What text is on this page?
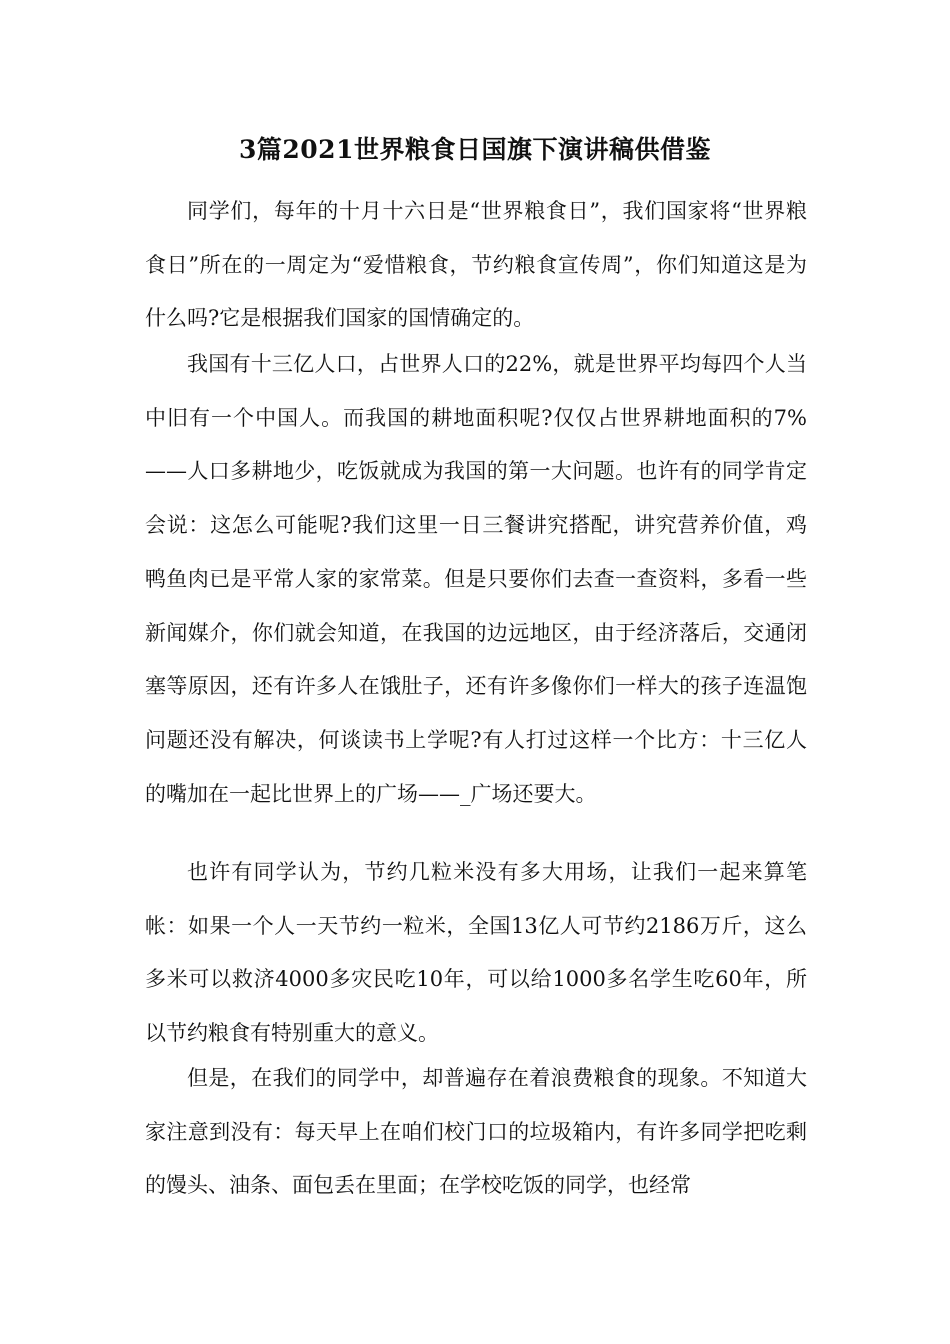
3篇2021世界粮食日国旗下演讲稿供借鉴

同学们，每年的十月十六日是“世界粮食日”，我们国家将“世界粮食日”所在的一周定为“爱惜粮食，节约粮食宣传周”，你们知道这是为什么吗?它是根据我们国家的国情确定的。

我国有十三亿人口，占世界人口的22%，就是世界平均每四个人当中旧有一个中国人。而我国的耕地面积呢?仅仅占世界耕地面积的7%——人口多耕地少，吃饭就成为我国的第一大问题。也许有的同学肯定会说：这怎么可能呢?我们这里一日三餐讲究搭配，讲究营养价值，鸡鸭鱼肉已是平常人家的家常菜。但是只要你们去查一查资料，多看一些新闻媒介，你们就会知道，在我国的边远地区，由于经济落后，交通闭塞等原因，还有许多人在饿肚子，还有许多像你们一样大的孩子连温饱问题还没有解决，何谈读书上学呢?有人打过这样一个比方：十三亿人的嘴加在一起比世界上的广场——_广场还要大。

也许有同学认为，节约几粒米没有多大用场，让我们一起来算笔帐：如果一个人一天节约一粒米，全国13亿人可节约2186万斤，这么多米可以救济4000多灾民吃10年，可以给1000多名学生吃60年，所以节约粮食有特别重大的意义。

但是，在我们的同学中，却普遍存在着浪费粮食的现象。不知道大家注意到没有：每天早上在咱们校门口的垃圾箱内，有许多同学把吃剩的馒头、油条、面包丢在里面；在学校吃饭的同学，也经常
